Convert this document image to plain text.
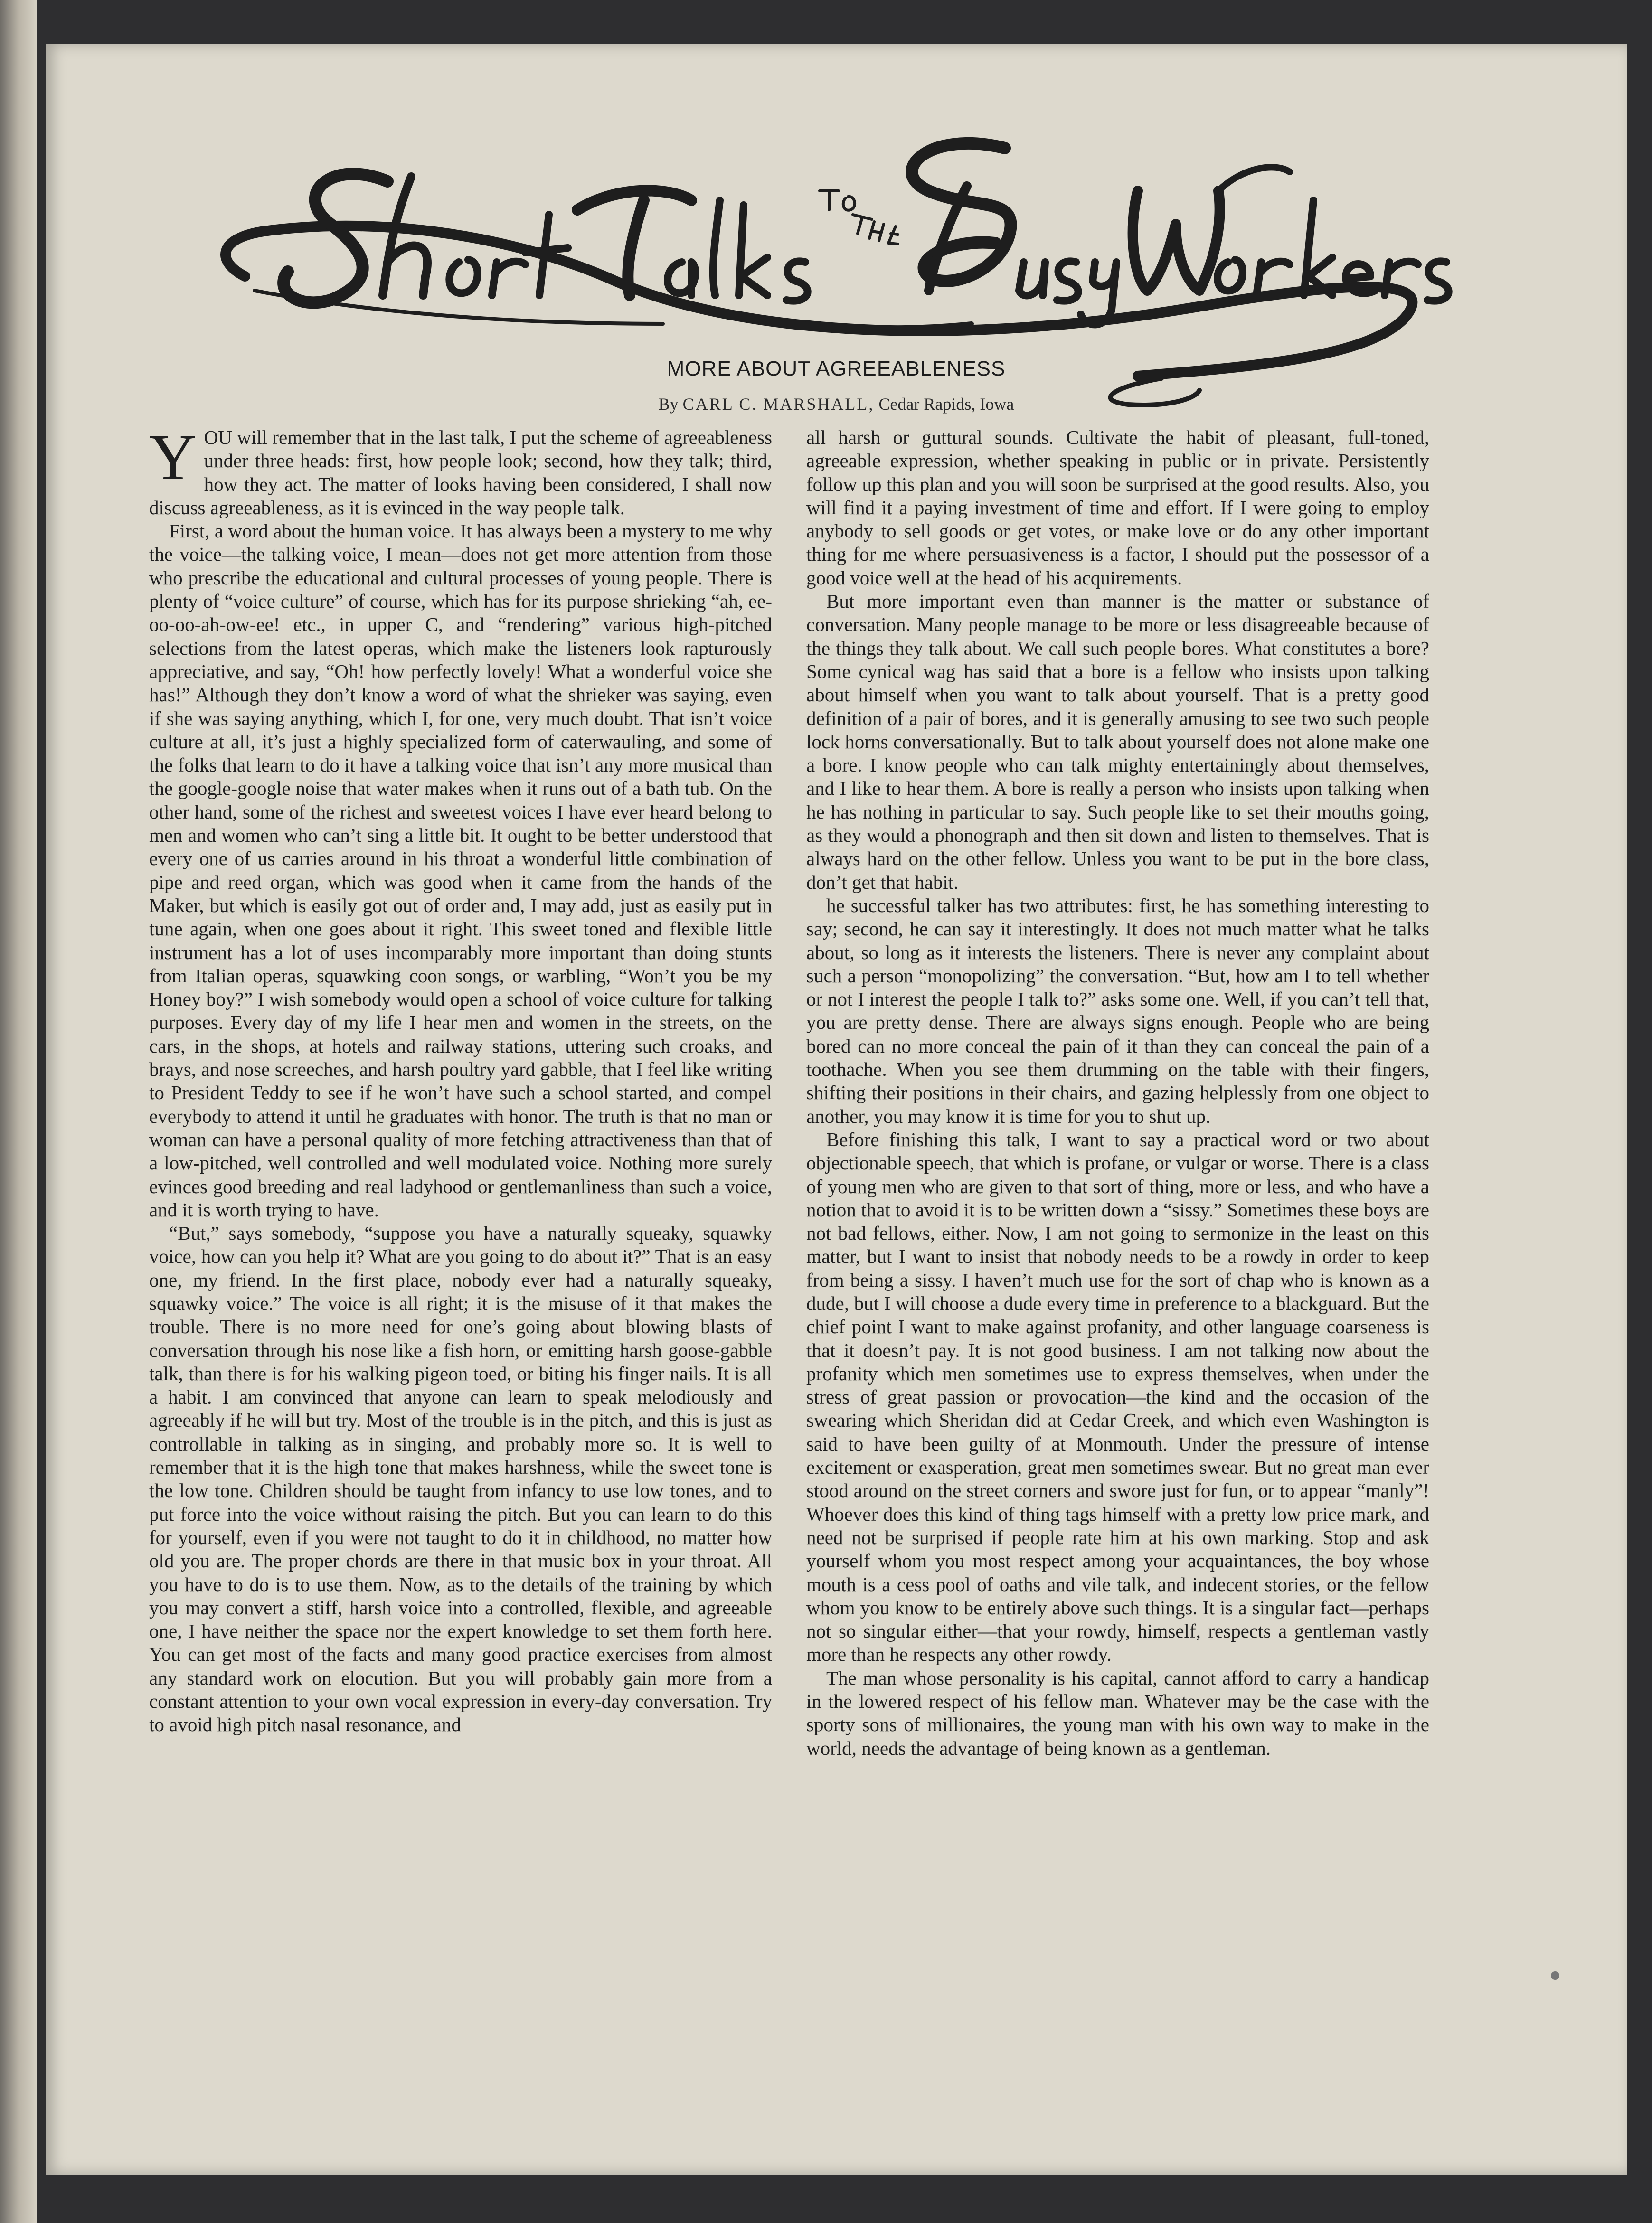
MORE ABOUT AGREEABLENESS
By CARL C. MARSHALL, Cedar Rapids, Iowa

YOU will remember that in the last talk, I put the scheme of agreeableness under three heads: first, how people look; second, how they talk; third, how they act. The matter of looks having been considered, I shall now discuss agreeableness, as it is evinced in the way people talk.

First, a word about the human voice. It has always been a mystery to me why the voice—the talking voice, I mean—does not get more attention from those who prescribe the educational and cultural processes of young people. There is plenty of “voice culture” of course, which has for its purpose shrieking “ah, ee-oo-oo-ah-ow-ee! etc., in upper C, and “rendering” various high-pitched selections from the latest operas, which make the listeners look rapturously appreciative, and say, “Oh! how perfectly lovely! What a wonderful voice she has!” Although they don’t know a word of what the shrieker was saying, even if she was saying anything, which I, for one, very much doubt. That isn’t voice culture at all, it’s just a highly specialized form of caterwauling, and some of the folks that learn to do it have a talking voice that isn’t any more musical than the google-google noise that water makes when it runs out of a bath tub. On the other hand, some of the richest and sweetest voices I have ever heard belong to men and women who can’t sing a little bit. It ought to be better understood that every one of us carries around in his throat a wonderful little combination of pipe and reed organ, which was good when it came from the hands of the Maker, but which is easily got out of order and, I may add, just as easily put in tune again, when one goes about it right. This sweet toned and flexible little instrument has a lot of uses incomparably more important than doing stunts from Italian operas, squawking coon songs, or warbling, “Won’t you be my Honey boy?” I wish somebody would open a school of voice culture for talking purposes. Every day of my life I hear men and women in the streets, on the cars, in the shops, at hotels and railway stations, uttering such croaks, and brays, and nose screeches, and harsh poultry yard gabble, that I feel like writing to President Teddy to see if he won’t have such a school started, and compel everybody to attend it until he graduates with honor. The truth is that no man or woman can have a personal quality of more fetching attractiveness than that of a low-pitched, well controlled and well modulated voice. Nothing more surely evinces good breeding and real ladyhood or gentlemanliness than such a voice, and it is worth trying to have.

“But,” says somebody, “suppose you have a naturally squeaky, squawky voice, how can you help it? What are you going to do about it?” That is an easy one, my friend. In the first place, nobody ever had a naturally squeaky, squawky voice.” The voice is all right; it is the misuse of it that makes the trouble. There is no more need for one’s going about blowing blasts of conversation through his nose like a fish horn, or emitting harsh goose-gabble talk, than there is for his walking pigeon toed, or biting his finger nails. It is all a habit. I am convinced that anyone can learn to speak melodiously and agreeably if he will but try. Most of the trouble is in the pitch, and this is just as controllable in talking as in singing, and probably more so. It is well to remember that it is the high tone that makes harshness, while the sweet tone is the low tone. Children should be taught from infancy to use low tones, and to put force into the voice without raising the pitch. But you can learn to do this for yourself, even if you were not taught to do it in childhood, no matter how old you are. The proper chords are there in that music box in your throat. All you have to do is to use them. Now, as to the details of the training by which you may convert a stiff, harsh voice into a controlled, flexible, and agreeable one, I have neither the space nor the expert knowledge to set them forth here. You can get most of the facts and many good practice exercises from almost any standard work on elocution. But you will probably gain more from a constant attention to your own vocal expression in every-day conversation. Try to avoid high pitch nasal resonance, and

all harsh or guttural sounds. Cultivate the habit of pleasant, full-toned, agreeable expression, whether speaking in public or in private. Persistently follow up this plan and you will soon be surprised at the good results. Also, you will find it a paying investment of time and effort. If I were going to employ anybody to sell goods or get votes, or make love or do any other important thing for me where persuasiveness is a factor, I should put the possessor of a good voice well at the head of his acquirements.

But more important even than manner is the matter or substance of conversation. Many people manage to be more or less disagreeable because of the things they talk about. We call such people bores. What constitutes a bore? Some cynical wag has said that a bore is a fellow who insists upon talking about himself when you want to talk about yourself. That is a pretty good definition of a pair of bores, and it is generally amusing to see two such people lock horns conversationally. But to talk about yourself does not alone make one a bore. I know people who can talk mighty entertainingly about themselves, and I like to hear them. A bore is really a person who insists upon talking when he has nothing in particular to say. Such people like to set their mouths going, as they would a phonograph and then sit down and listen to themselves. That is always hard on the other fellow. Unless you want to be put in the bore class, don’t get that habit.

he successful talker has two attributes: first, he has something interesting to say; second, he can say it interestingly. It does not much matter what he talks about, so long as it interests the listeners. There is never any complaint about such a person “monopolizing” the conversation. “But, how am I to tell whether or not I interest the people I talk to?” asks some one. Well, if you can’t tell that, you are pretty dense. There are always signs enough. People who are being bored can no more conceal the pain of it than they can conceal the pain of a toothache. When you see them drumming on the table with their fingers, shifting their positions in their chairs, and gazing helplessly from one object to another, you may know it is time for you to shut up.

Before finishing this talk, I want to say a practical word or two about objectionable speech, that which is profane, or vulgar or worse. There is a class of young men who are given to that sort of thing, more or less, and who have a notion that to avoid it is to be written down a “sissy.” Sometimes these boys are not bad fellows, either. Now, I am not going to sermonize in the least on this matter, but I want to insist that nobody needs to be a rowdy in order to keep from being a sissy. I haven’t much use for the sort of chap who is known as a dude, but I will choose a dude every time in preference to a blackguard. But the chief point I want to make against profanity, and other language coarseness is that it doesn’t pay. It is not good business. I am not talking now about the profanity which men sometimes use to express themselves, when under the stress of great passion or provocation—the kind and the occasion of the swearing which Sheridan did at Cedar Creek, and which even Washington is said to have been guilty of at Monmouth. Under the pressure of intense excitement or exasperation, great men sometimes swear. But no great man ever stood around on the street corners and swore just for fun, or to appear “manly”! Whoever does this kind of thing tags himself with a pretty low price mark, and need not be surprised if people rate him at his own marking. Stop and ask yourself whom you most respect among your acquaintances, the boy whose mouth is a cess pool of oaths and vile talk, and indecent stories, or the fellow whom you know to be entirely above such things. It is a singular fact—perhaps not so singular either—that your rowdy, himself, respects a gentleman vastly more than he respects any other rowdy.

The man whose personality is his capital, cannot afford to carry a handicap in the lowered respect of his fellow man. Whatever may be the case with the sporty sons of millionaires, the young man with his own way to make in the world, needs the advantage of being known as a gentleman.
